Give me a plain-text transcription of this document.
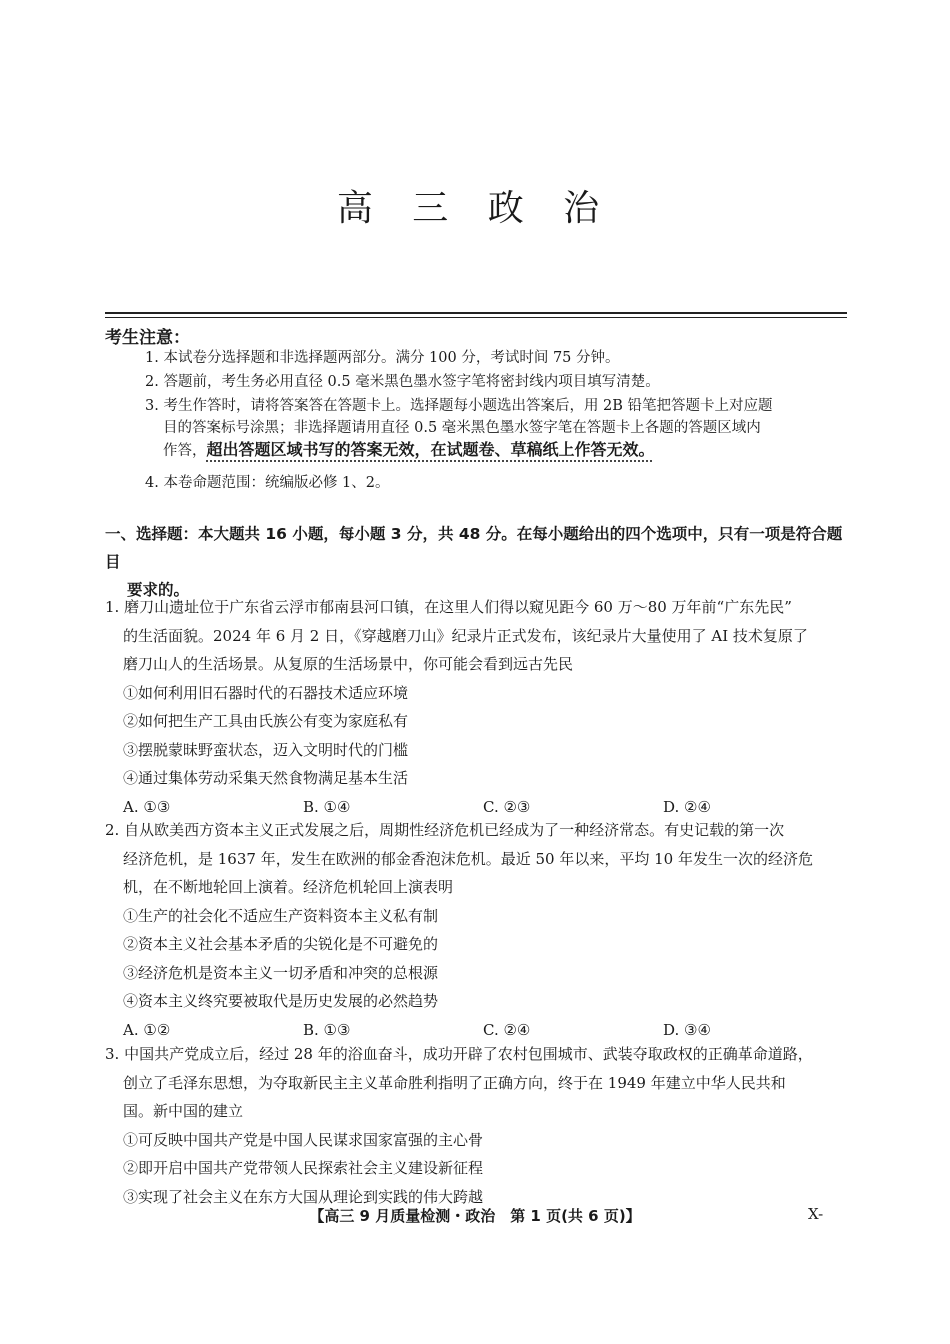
高 三 政 治
考生注意：
1. 本试卷分选择题和非选择题两部分。满分 100 分，考试时间 75 分钟。
2. 答题前，考生务必用直径 0.5 毫米黑色墨水签字笔将密封线内项目填写清楚。
3. 考生作答时，请将答案答在答题卡上。选择题每小题选出答案后，用 2B 铅笔把答题卡上对应题
目的答案标号涂黑；非选择题请用直径 0.5 毫米黑色墨水签字笔在答题卡上各题的答题区域内
作答，超出答题区域书写的答案无效，在试题卷、草稿纸上作答无效。
4. 本卷命题范围：统编版必修 1、2。
一、选择题：本大题共 16 小题，每小题 3 分，共 48 分。在每小题给出的四个选项中，只有一项是符合题目
要求的。
1. 磨刀山遗址位于广东省云浮市郁南县河口镇，在这里人们得以窥见距今 60 万～80 万年前“广东先民”
的生活面貌。2024 年 6 月 2 日，《穿越磨刀山》纪录片正式发布，该纪录片大量使用了 AI 技术复原了
磨刀山人的生活场景。从复原的生活场景中，你可能会看到远古先民
①如何利用旧石器时代的石器技术适应环境
②如何把生产工具由氏族公有变为家庭私有
③摆脱蒙昧野蛮状态，迈入文明时代的门槛
④通过集体劳动采集天然食物满足基本生活
A. ①③	B. ①④	C. ②③	D. ②④
2. 自从欧美西方资本主义正式发展之后，周期性经济危机已经成为了一种经济常态。有史记载的第一次
经济危机，是 1637 年，发生在欧洲的郁金香泡沫危机。最近 50 年以来，平均 10 年发生一次的经济危
机，在不断地轮回上演着。经济危机轮回上演表明
①生产的社会化不适应生产资料资本主义私有制
②资本主义社会基本矛盾的尖锐化是不可避免的
③经济危机是资本主义一切矛盾和冲突的总根源
④资本主义终究要被取代是历史发展的必然趋势
A. ①②	B. ①③	C. ②④	D. ③④
3. 中国共产党成立后，经过 28 年的浴血奋斗，成功开辟了农村包围城市、武装夺取政权的正确革命道路，
创立了毛泽东思想，为夺取新民主主义革命胜利指明了正确方向，终于在 1949 年建立中华人民共和
国。新中国的建立
①可反映中国共产党是中国人民谋求国家富强的主心骨
②即开启中国共产党带领人民探索社会主义建设新征程
③实现了社会主义在东方大国从理论到实践的伟大跨越
【高三 9 月质量检测・政治　第 1 页(共 6 页)】	X-
